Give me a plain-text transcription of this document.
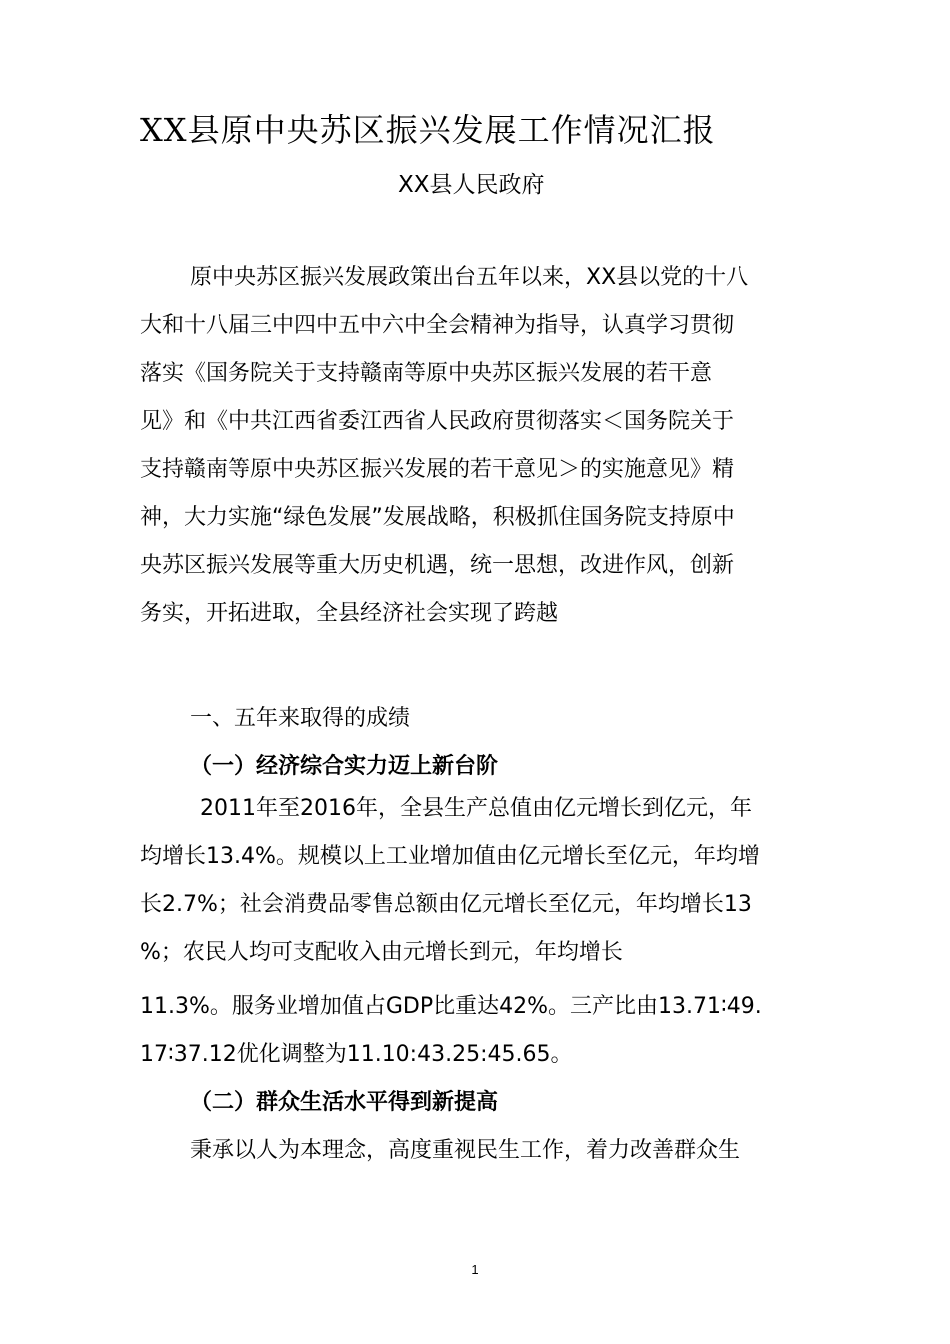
XX县原中央苏区振兴发展工作情况汇报
XX县人民政府
原中央苏区振兴发展政策出台五年以来，XX县以党的十八
大和十八届三中四中五中六中全会精神为指导，认真学习贯彻
落实《国务院关于支持赣南等原中央苏区振兴发展的若干意
见》和《中共江西省委江西省人民政府贯彻落实＜国务院关于
支持赣南等原中央苏区振兴发展的若干意见＞的实施意见》精
神，大力实施“绿色发展”发展战略，积极抓住国务院支持原中
央苏区振兴发展等重大历史机遇，统一思想，改进作风，创新
务实，开拓进取，全县经济社会实现了跨越
一、五年来取得的成绩
（一）经济综合实力迈上新台阶
2011年至2016年，全县生产总值由亿元增长到亿元，年
均增长13.4%。规模以上工业增加值由亿元增长至亿元，年均增
长2.7%；社会消费品零售总额由亿元增长至亿元，年均增长13
%；农民人均可支配收入由元增长到元，年均增长
11.3%。服务业增加值占GDP比重达42%。三产比由13.71∶49.
17∶37.12优化调整为11.10:43.25:45.65。
（二）群众生活水平得到新提高
秉承以人为本理念，高度重视民生工作，着力改善群众生
1
